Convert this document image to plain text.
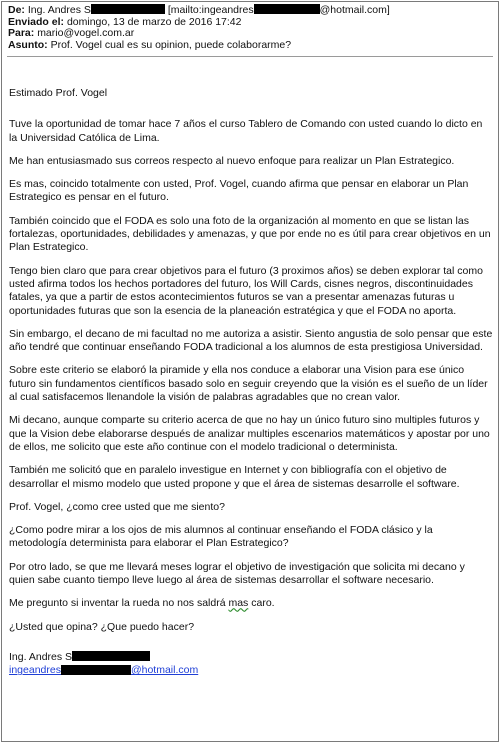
De: Ing. Andres S	[mailto:ingeandres	@hotmail.com]
Enviado el: domingo, 13 de marzo de 2016 17:42
Para: mario@vogel.com.ar
Asunto: Prof. Vogel cual es su opinion, puede colaborarme?

Estimado Prof. Vogel

Tuve la oportunidad de tomar hace 7 años el curso Tablero de Comando con usted cuando lo dicto en la Universidad Católica de Lima.

Me han entusiasmado sus correos respecto al nuevo enfoque para realizar un Plan Estrategico.

Es mas, coincido totalmente con usted, Prof. Vogel, cuando afirma que pensar en elaborar un Plan Estrategico es pensar en el futuro.

También coincido que el FODA es solo una foto de la organización al momento en que se listan las fortalezas, oportunidades, debilidades y amenazas, y que por ende no es útil para crear objetivos en un Plan Estrategico.

Tengo bien claro que para crear objetivos para el futuro (3 proximos años) se deben explorar tal como usted afirma todos los hechos portadores del futuro, los Will Cards, cisnes negros, discontinuidades fatales, ya que a partir de estos acontecimientos futuros se van a presentar amenazas futuras u oportunidades futuras que son la esencia de la planeación estratégica y que el FODA no aporta.

Sin embargo, el decano de mi facultad no me autoriza a asistir. Siento angustia de solo pensar que este año tendré que continuar enseñando FODA tradicional a los alumnos de esta prestigiosa Universidad.

Sobre este criterio se elaboró la piramide y ella nos conduce a elaborar una Vision para ese único futuro sin fundamentos científicos basado solo en seguir creyendo que la visión es el sueño de un líder al cual satisfacemos llenandole la visión de palabras agradables que no crean valor.

Mi decano, aunque comparte su criterio acerca de que no hay un único futuro sino multiples futuros y que la Vision debe elaborarse después de analizar multiples escenarios matemáticos y apostar por uno de ellos, me solicito que este año continue con el modelo tradicional o determinista.

También me solicitó que en paralelo investigue en Internet y con bibliografía con el objetivo de desarrollar el mismo modelo que usted propone y que el área de sistemas desarrolle el software.

Prof. Vogel, ¿como cree usted que me siento?

¿Como podre mirar a los ojos de mis alumnos al continuar enseñando el FODA clásico y la metodología determinista para elaborar el Plan Estrategico?

Por otro lado, se que me llevará meses lograr el objetivo de investigación que solicita mi decano y quien sabe cuanto tiempo lleve luego al área de sistemas desarrollar el software necesario.

Me pregunto si inventar la rueda no nos saldrá mas caro.

¿Usted que opina? ¿Que puedo hacer?

Ing. Andres S
ingeandres	@hotmail.com
